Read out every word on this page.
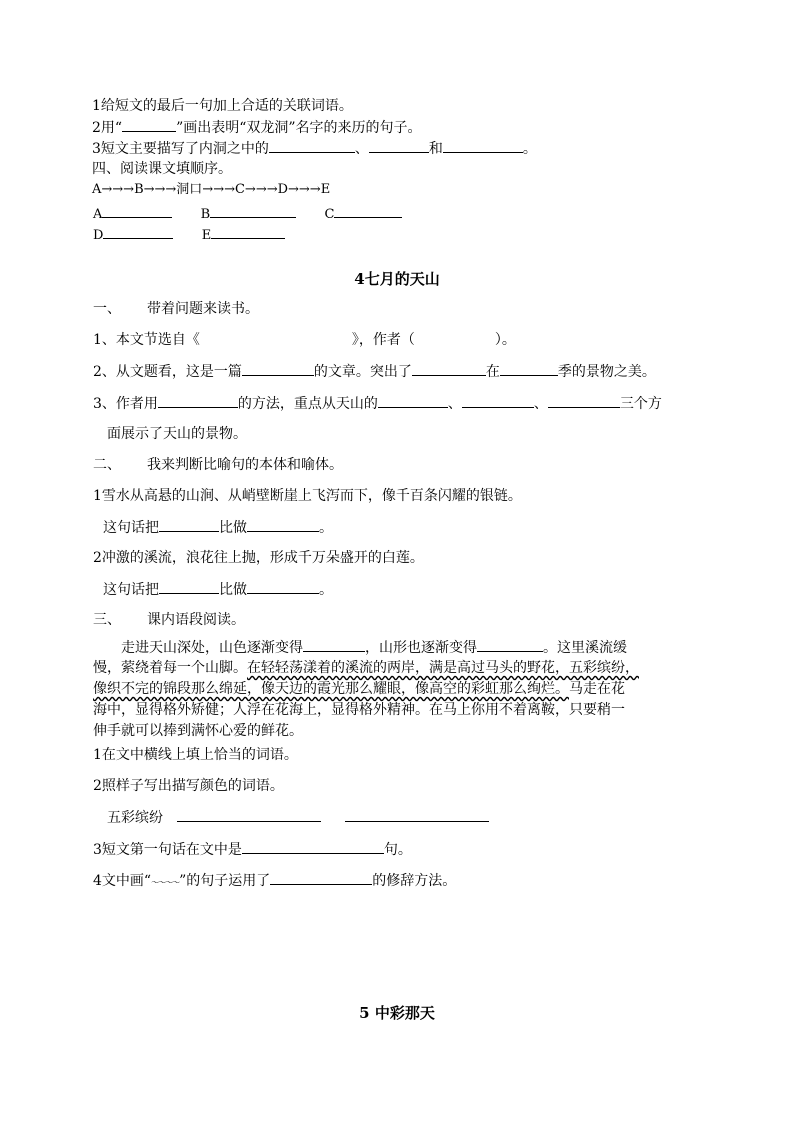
1给短文的最后一句加上合适的关联词语。
2用“	”画出表明“双龙洞”名字的来历的句子。
3短文主要描写了内洞之中的	、	和	。
四、阅读课文填顺序。
A→→→B→→→洞口→→→C→→→D→→→E
A	B	C
D	E
4七月的天山
一、 带着问题来读书。
1、本文节选自《	》，作者（	）。
2、从文题看，这是一篇	的文章。突出了	在	季的景物之美。
3、作者用	的方法，重点从天山的	、	、	三个方
面展示了天山的景物。
二、 我来判断比喻句的本体和喻体。
1雪水从高悬的山涧、从峭壁断崖上飞泻而下，像千百条闪耀的银链。
这句话把	比做	。
2冲激的溪流，浪花往上抛，形成千万朵盛开的白莲。
这句话把	比做	。
三、 课内语段阅读。
走进天山深处，山色逐渐变得	，山形也逐渐变得	。这里溪流缓
慢，萦绕着每一个山脚。在轻轻荡漾着的溪流的两岸，满是高过马头的野花，五彩缤纷，
像织不完的锦段那么绵延，像天边的霞光那么耀眼，像高空的彩虹那么绚烂。马走在花
海中，显得格外矫健；人浮在花海上，显得格外精神。在马上你用不着离鞍，只要稍一
伸手就可以捧到满怀心爱的鲜花。
1在文中横线上填上恰当的词语。
2照样子写出描写颜色的词语。
五彩缤纷
3短文第一句话在文中是	句。
4文中画“～～～～”的句子运用了	的修辞方法。
5 中彩那天
